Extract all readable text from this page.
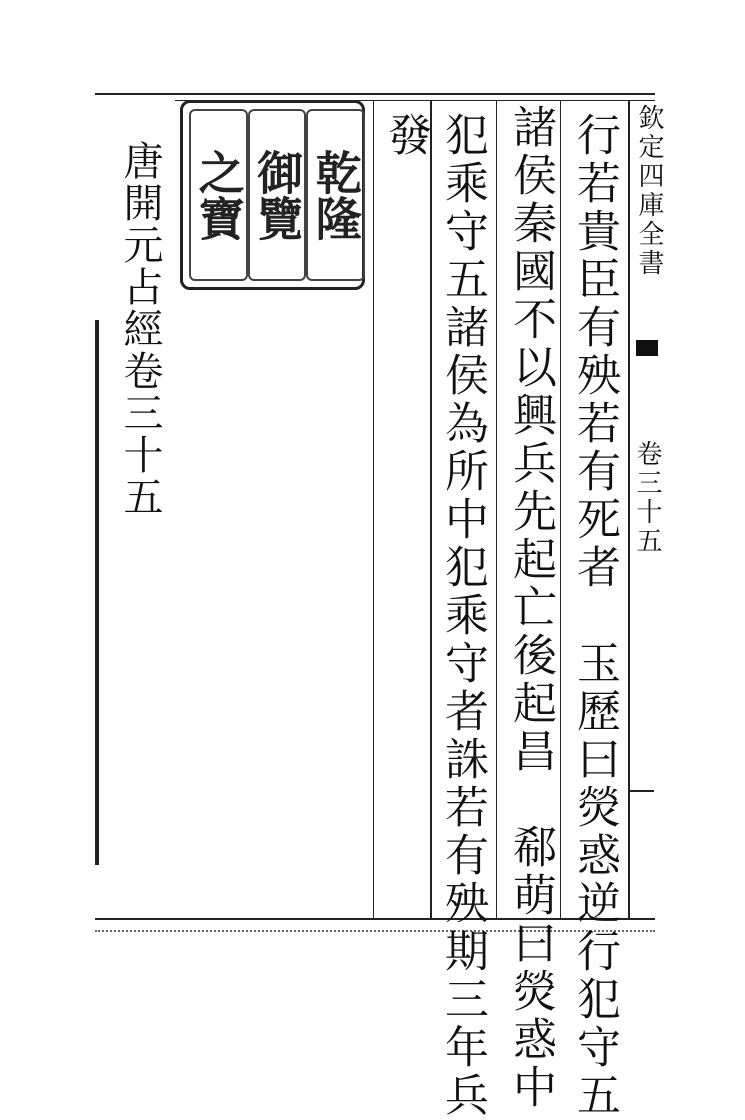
欽定四庫全書
卷三十五
行若貴臣有殃若有死者　玉歷曰熒惑逆行犯守五
諸侯秦國不以興兵先起亡後起昌　郗萌曰熒惑中
犯乘守五諸侯為所中犯乘守者誅若有殃期三年兵
發
乾隆
御覽
之寶
唐開元占經卷三十五
